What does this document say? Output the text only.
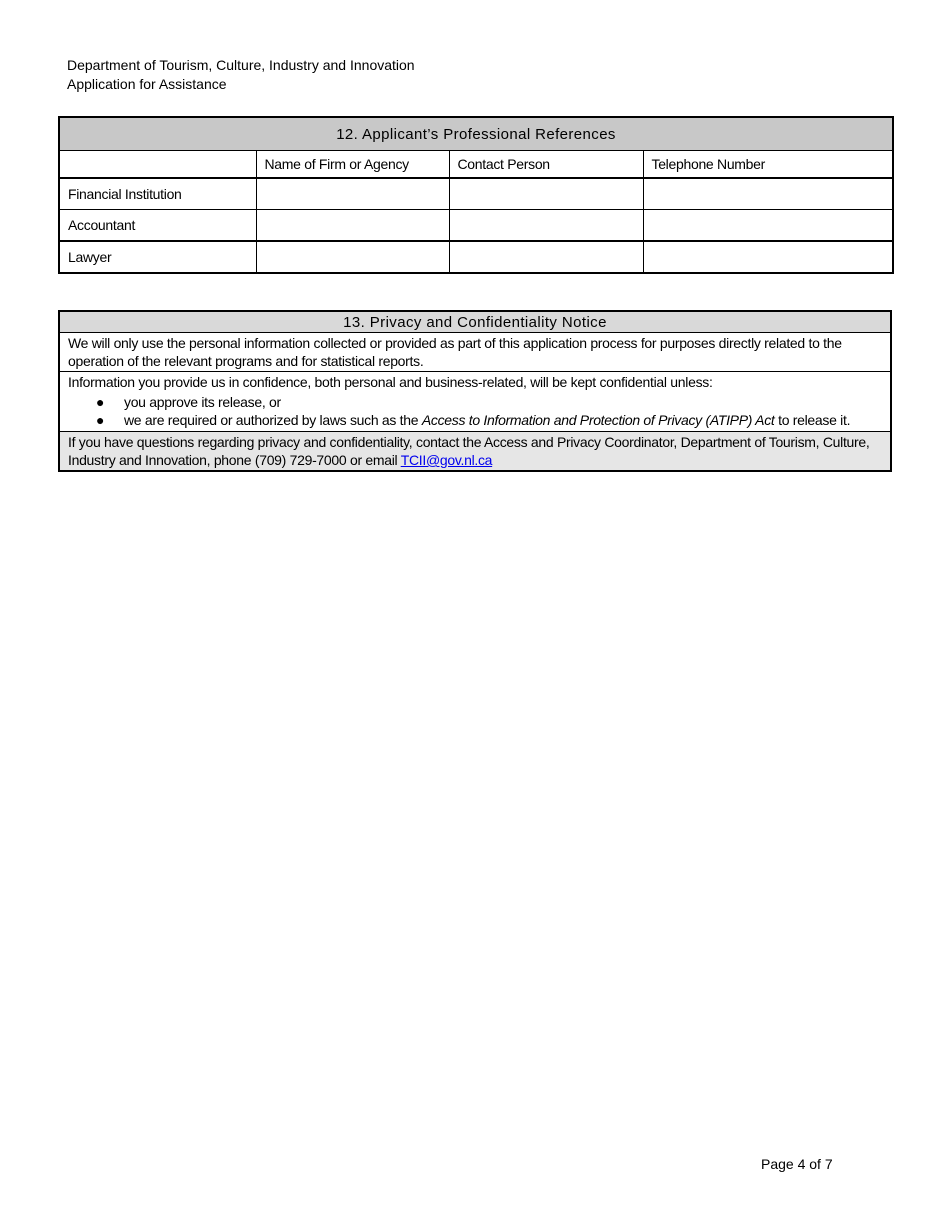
Department of Tourism, Culture, Industry and Innovation
Application for Assistance
12. Applicant’s Professional References			
	Name of Firm or Agency	Contact Person	Telephone Number
Financial Institution			
Accountant			
Lawyer			
13. Privacy and Confidentiality Notice
We will only use the personal information collected or provided as part of this application process for purposes directly related to the operation of the relevant programs and for statistical reports.

Information you provide us in confidence, both personal and business-related, will be kept confidential unless:
● you approve its release, or
● we are required or authorized by laws such as the Access to Information and Protection of Privacy (ATIPP) Act to release it.

If you have questions regarding privacy and confidentiality, contact the Access and Privacy Coordinator, Department of Tourism, Culture, Industry and Innovation, phone (709) 729-7000 or email TCII@gov.nl.ca
Page 4 of 7
